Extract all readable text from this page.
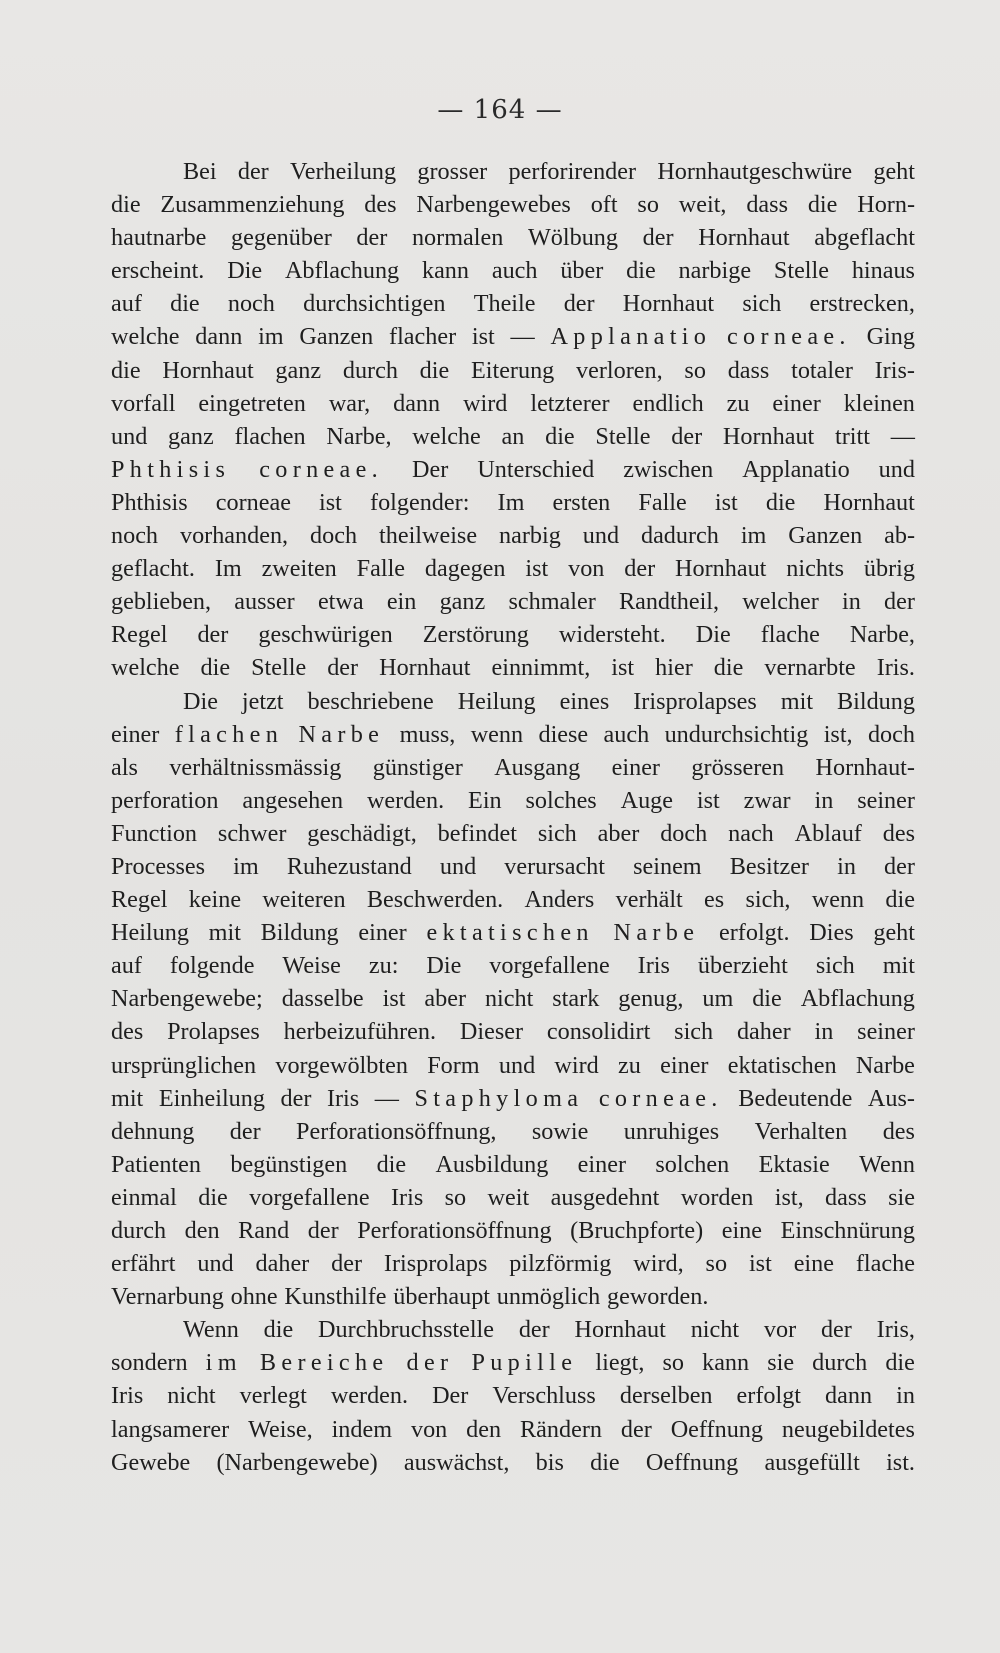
— 164 —
Bei der Verheilung grosser perforirender Hornhautgeschwüre geht
die Zusammenziehung des Narbengewebes oft so weit, dass die Horn-
hautnarbe gegenüber der normalen Wölbung der Hornhaut abgeflacht
erscheint. Die Abflachung kann auch über die narbige Stelle hinaus
auf die noch durchsichtigen Theile der Hornhaut sich erstrecken,
welche dann im Ganzen flacher ist — Applanatio corneae. Ging
die Hornhaut ganz durch die Eiterung verloren, so dass totaler Iris-
vorfall eingetreten war, dann wird letzterer endlich zu einer kleinen
und ganz flachen Narbe, welche an die Stelle der Hornhaut tritt —
Phthisis corneae. Der Unterschied zwischen Applanatio und
Phthisis corneae ist folgender: Im ersten Falle ist die Hornhaut
noch vorhanden, doch theilweise narbig und dadurch im Ganzen ab-
geflacht. Im zweiten Falle dagegen ist von der Hornhaut nichts übrig
geblieben, ausser etwa ein ganz schmaler Randtheil, welcher in der
Regel der geschwürigen Zerstörung widersteht. Die flache Narbe,
welche die Stelle der Hornhaut einnimmt, ist hier die vernarbte Iris.
Die jetzt beschriebene Heilung eines Irisprolapses mit Bildung
einer flachen Narbe muss, wenn diese auch undurchsichtig ist, doch
als verhältnissmässig günstiger Ausgang einer grösseren Hornhaut-
perforation angesehen werden. Ein solches Auge ist zwar in seiner
Function schwer geschädigt, befindet sich aber doch nach Ablauf des
Processes im Ruhezustand und verursacht seinem Besitzer in der
Regel keine weiteren Beschwerden. Anders verhält es sich, wenn die
Heilung mit Bildung einer ektatischen Narbe erfolgt. Dies geht
auf folgende Weise zu: Die vorgefallene Iris überzieht sich mit
Narbengewebe; dasselbe ist aber nicht stark genug, um die Abflachung
des Prolapses herbeizuführen. Dieser consolidirt sich daher in seiner
ursprünglichen vorgewölbten Form und wird zu einer ektatischen Narbe
mit Einheilung der Iris — Staphyloma corneae. Bedeutende Aus-
dehnung der Perforationsöffnung, sowie unruhiges Verhalten des
Patienten begünstigen die Ausbildung einer solchen Ektasie Wenn
einmal die vorgefallene Iris so weit ausgedehnt worden ist, dass sie
durch den Rand der Perforationsöffnung (Bruchpforte) eine Einschnürung
erfährt und daher der Irisprolaps pilzförmig wird, so ist eine flache
Vernarbung ohne Kunsthilfe überhaupt unmöglich geworden.
Wenn die Durchbruchsstelle der Hornhaut nicht vor der Iris,
sondern im Bereiche der Pupille liegt, so kann sie durch die
Iris nicht verlegt werden. Der Verschluss derselben erfolgt dann in
langsamerer Weise, indem von den Rändern der Oeffnung neugebildetes
Gewebe (Narbengewebe) auswächst, bis die Oeffnung ausgefüllt ist.
